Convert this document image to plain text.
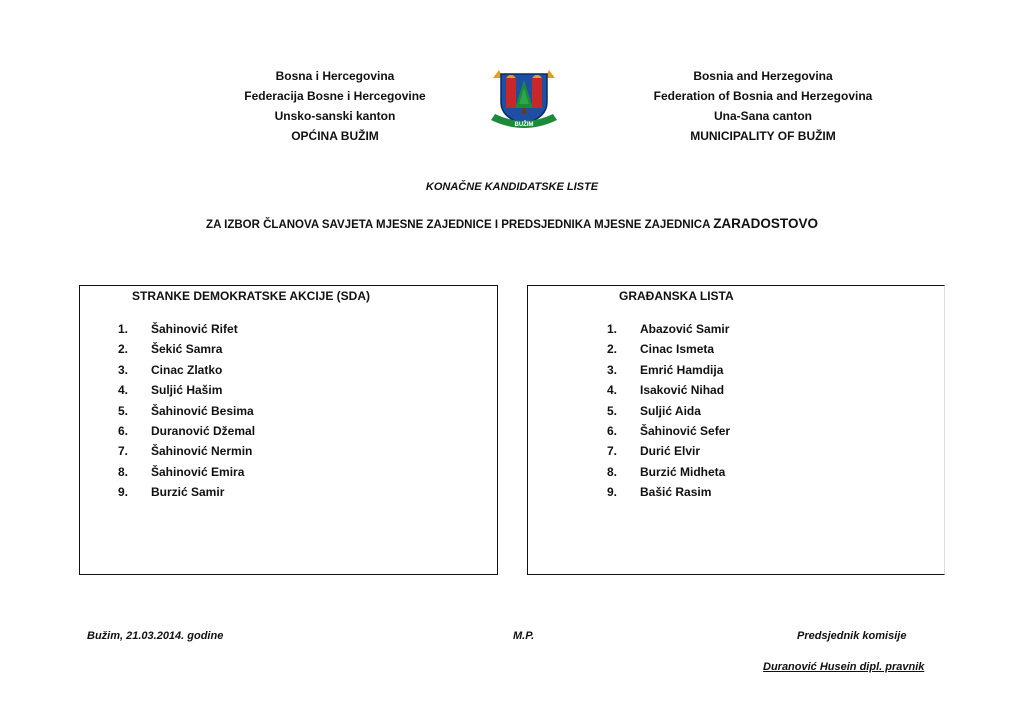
Bosna i Hercegovina
Federacija Bosne i Hercegovine
Unsko-sanski kanton
OPĆINA BUŽIM
BUŽIM
Bosnia and Herzegovina
Federation of Bosnia and Herzegovina
Una-Sana canton
MUNICIPALITY OF BUŽIM
KONAČNE KANDIDATSKE LISTE
ZA IZBOR ČLANOVA SAVJETA MJESNE ZAJEDNICE I PREDSJEDNIKA MJESNE ZAJEDNICA ZARADOSTOVO
STRANKE DEMOKRATSKE AKCIJE (SDA)
1. Šahinović Rifet
2. Šekić Samra
3. Cinac Zlatko
4. Suljić Hašim
5. Šahinović Besima
6. Duranović Džemal
7. Šahinović Nermin
8. Šahinović Emira
9. Burzić Samir
GRAĐANSKA LISTA
1. Abazović Samir
2. Cinac Ismeta
3. Emrić Hamdija
4. Isaković Nihad
5. Suljić Aida
6. Šahinović Sefer
7. Durić Elvir
8. Burzić Midheta
9. Bašić Rasim
Bužim, 21.03.2014. godine	M.P.	Predsjednik komisije
Duranović Husein dipl. pravnik
